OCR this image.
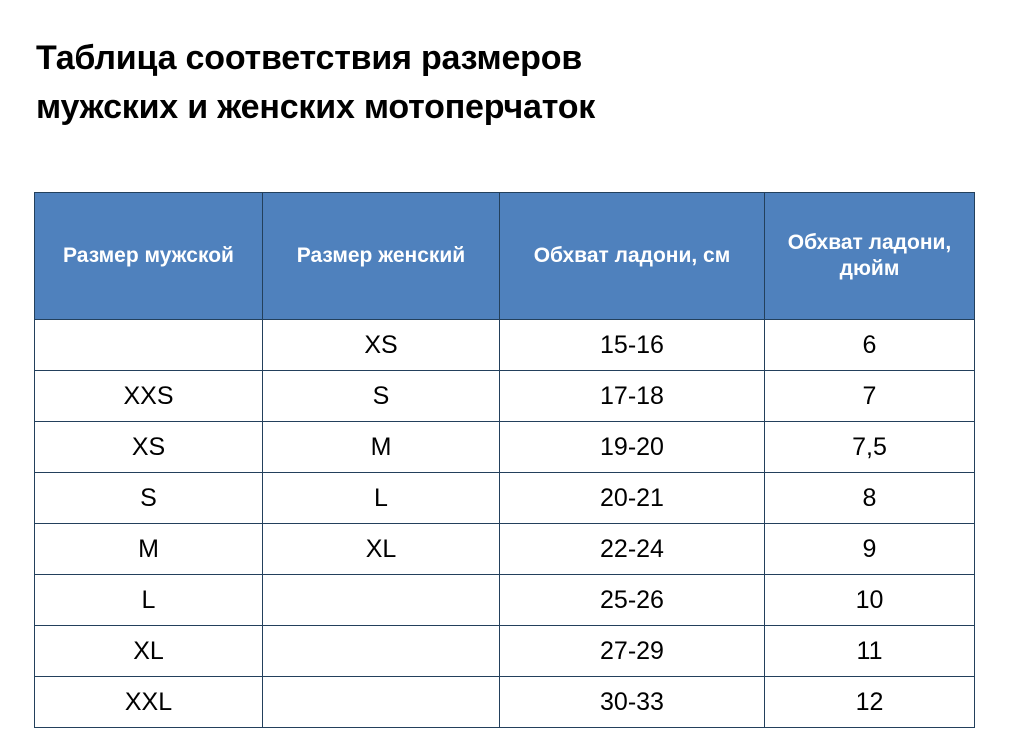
Таблица соответствия размеров
мужских и женских мотоперчаток
Размер мужской	Размер женский	Обхват ладони, см	Обхват ладони, дюйм
	XS	15-16	6
XXS	S	17-18	7
XS	M	19-20	7,5
S	L	20-21	8
M	XL	22-24	9
L		25-26	10
XL		27-29	11
XXL		30-33	12
